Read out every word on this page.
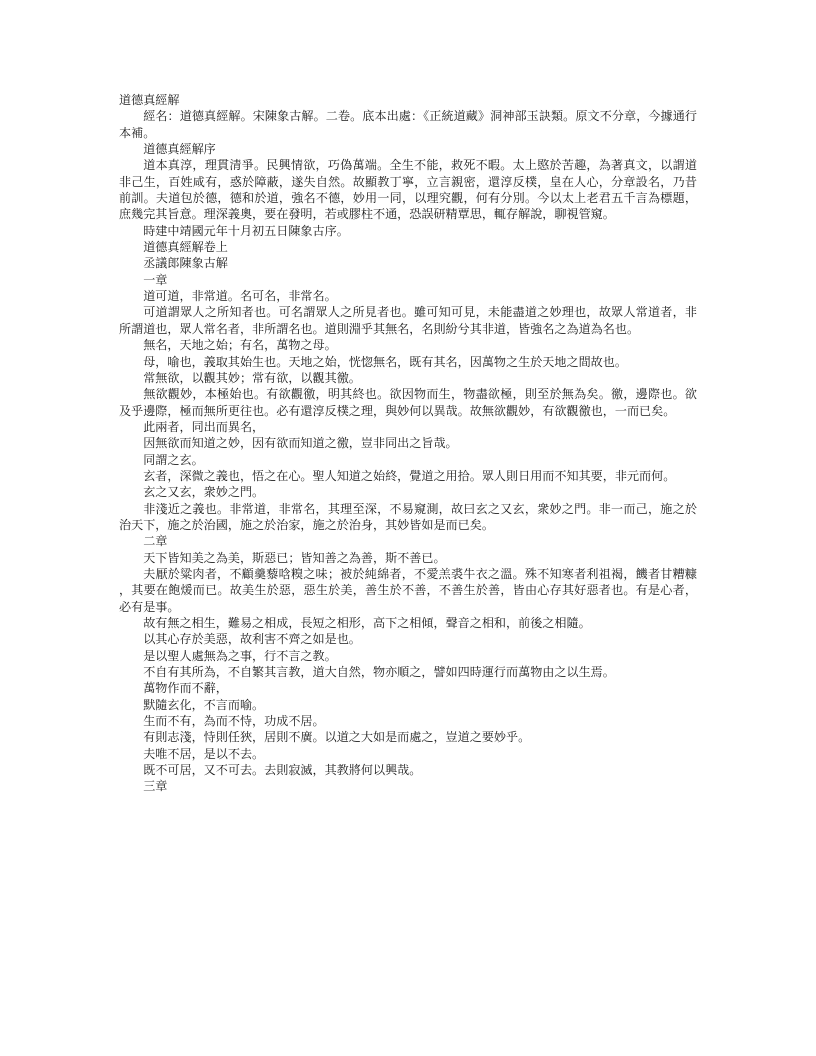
道德真經解

經名：道德真經解。宋陳象古解。二卷。底本出處：《正統道藏》洞神部玉訣類。原文不分章，今據通行本補。

道德真經解序

道本真淳，理貫清爭。民興情欲，巧偽萬端。全生不能，救死不暇。太上愍於苦趣，為著真文，以謂道非己生，百姓咸有，惑於障蔽，遂失自然。故顯教丁寧，立言親密，還淳反樸，皇在人心，分章設名，乃昔前訓。夫道包於德，德和於道，強名不德，妙用一同，以理究觀，何有分別。今以太上老君五千言為標題，庶幾完其旨意。理深義奧，要在發明，若或膠柱不通，恐誤研精覃思，輒存解說，聊視管窺。

時建中靖國元年十月初五日陳象古序。

道德真經解卷上

丞議郎陳象古解

一章

道可道，非常道。名可名，非常名。

可道謂眾人之所知者也。可名謂眾人之所見者也。雖可知可見，未能盡道之妙理也，故眾人常道者，非所謂道也，眾人常名者，非所謂名也。道則淵乎其無名，名則紛兮其非道，皆強名之為道為名也。

無名，天地之始；有名，萬物之母。

母，喻也，義取其始生也。天地之始，恍惚無名，既有其名，因萬物之生於天地之間故也。

常無欲，以觀其妙；常有欲，以觀其徼。

無欲觀妙，本極始也。有欲觀徼，明其終也。欲因物而生，物盡欲極，則至於無為矣。徼，邊際也。欲及乎邊際，極而無所更往也。必有還淳反樸之理，與妙何以異哉。故無欲觀妙，有欲觀徼也，一而已矣。

此兩者，同出而異名，

因無欲而知道之妙，因有欲而知道之徼，豈非同出之旨哉。

同謂之玄。

玄者，深微之義也，悟之在心。聖人知道之始終，覺道之用拾。眾人則日用而不知其要，非元而何。

玄之又玄，衆妙之門。

非淺近之義也。非常道，非常名，其理至深，不易窺測，故曰玄之又玄，衆妙之門。非一而己，施之於治天下，施之於治國，施之於治家，施之於治身，其妙皆如是而已矣。

二章

天下皆知美之為美，斯惡已；皆知善之為善，斯不善已。

夫厭於粱肉者，不顧羹藜唅糗之味；被於純綿者，不愛羔裘牛衣之溫。殊不知寒者利祖褐，饑者甘糟糠，其要在飽煖而已。故美生於惡，惡生於美，善生於不善，不善生於善，皆由心存其好惡者也。有是心者，必有是事。

故有無之相生，難易之相成，長短之相形，高下之相傾，聲音之相和，前後之相隨。

以其心存於美惡，故利害不齊之如是也。

是以聖人處無為之事，行不言之教。

不自有其所為，不自繁其言教，道大自然，物亦順之，譬如四時運行而萬物由之以生焉。

萬物作而不辭，

默隨玄化，不言而喻。

生而不有，為而不恃，功成不居。

有則志淺，恃則任狹，居則不廣。以道之大如是而處之，豈道之要妙乎。

夫唯不居，是以不去。

既不可居，又不可去。去則寂滅，其教將何以興哉。

三章
